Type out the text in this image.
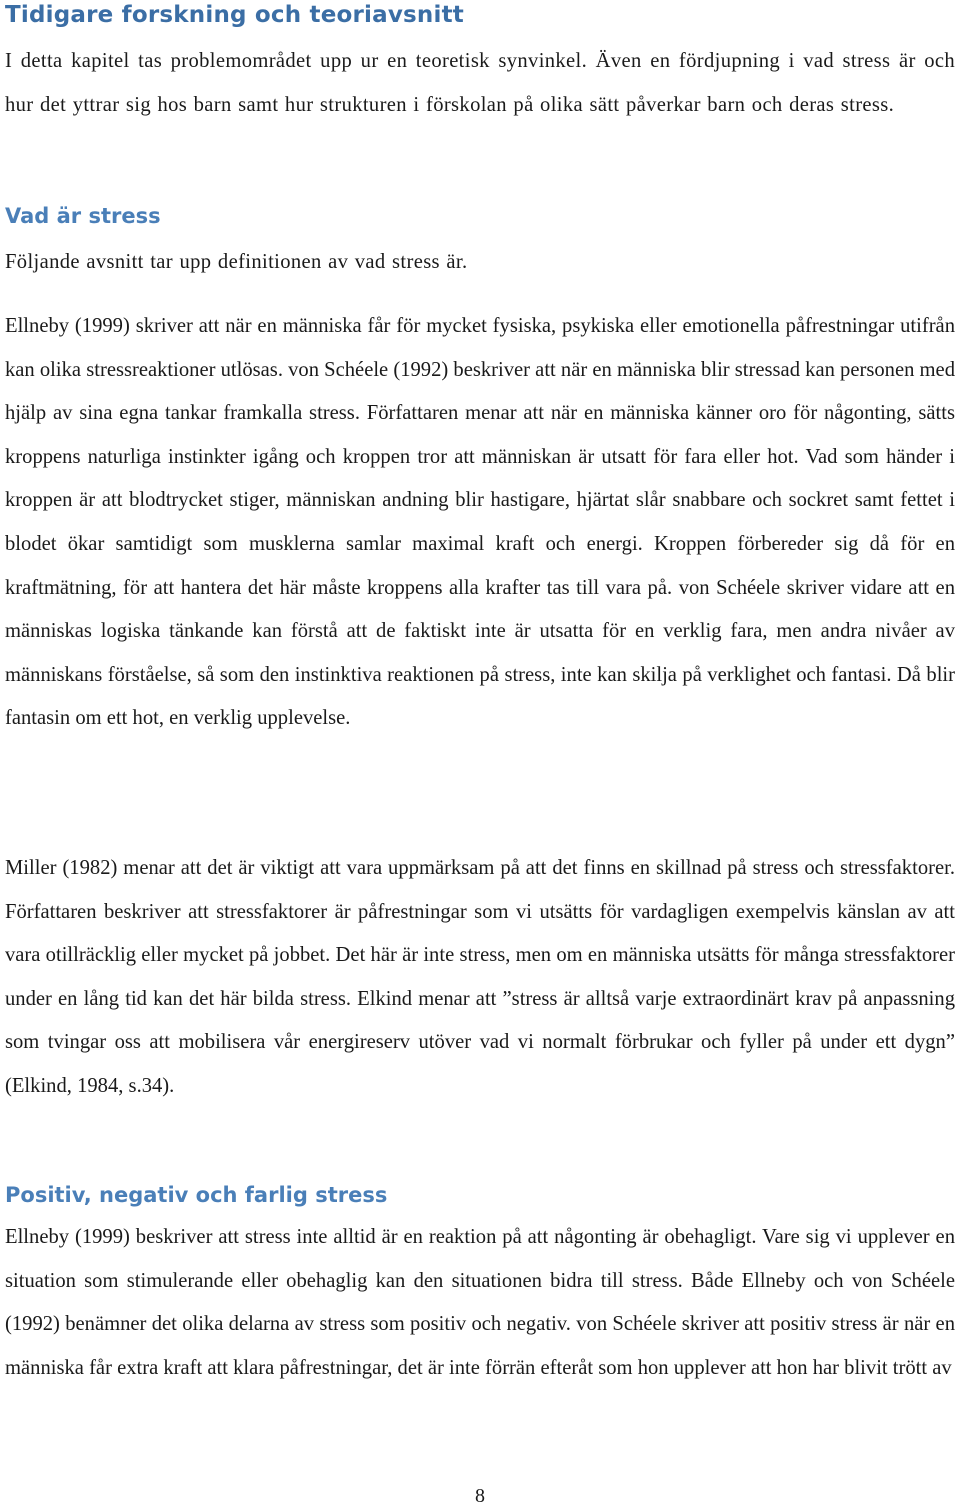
Tidigare forskning och teoriavsnitt

I detta kapitel tas problemområdet upp ur en teoretisk synvinkel. Även en fördjupning i vad stress är och hur det yttrar sig hos barn samt hur strukturen i förskolan på olika sätt påverkar barn och deras stress.

Vad är stress

Följande avsnitt tar upp definitionen av vad stress är.

Ellneby (1999) skriver att när en människa får för mycket fysiska, psykiska eller emotionella påfrestningar utifrån kan olika stressreaktioner utlösas. von Schéele (1992) beskriver att när en människa blir stressad kan personen med hjälp av sina egna tankar framkalla stress. Författaren menar att när en människa känner oro för någonting, sätts kroppens naturliga instinkter igång och kroppen tror att människan är utsatt för fara eller hot. Vad som händer i kroppen är att blodtrycket stiger, människan andning blir hastigare, hjärtat slår snabbare och sockret samt fettet i blodet ökar samtidigt som musklerna samlar maximal kraft och energi. Kroppen förbereder sig då för en kraftmätning, för att hantera det här måste kroppens alla krafter tas till vara på. von Schéele skriver vidare att en människas logiska tänkande kan förstå att de faktiskt inte är utsatta för en verklig fara, men andra nivåer av människans förståelse, så som den instinktiva reaktionen på stress, inte kan skilja på verklighet och fantasi. Då blir fantasin om ett hot, en verklig upplevelse.

Miller (1982) menar att det är viktigt att vara uppmärksam på att det finns en skillnad på stress och stressfaktorer. Författaren beskriver att stressfaktorer är påfrestningar som vi utsätts för vardagligen exempelvis känslan av att vara otillräcklig eller mycket på jobbet. Det här är inte stress, men om en människa utsätts för många stressfaktorer under en lång tid kan det här bilda stress. Elkind menar att ”stress är alltså varje extraordinärt krav på anpassning som tvingar oss att mobilisera vår energireserv utöver vad vi normalt förbrukar och fyller på under ett dygn” (Elkind, 1984, s.34).

Positiv, negativ och farlig stress

Ellneby (1999) beskriver att stress inte alltid är en reaktion på att någonting är obehagligt. Vare sig vi upplever en situation som stimulerande eller obehaglig kan den situationen bidra till stress. Både Ellneby och von Schéele (1992) benämner det olika delarna av stress som positiv och negativ. von Schéele skriver att positiv stress är när en människa får extra kraft att klara påfrestningar, det är inte förrän efteråt som hon upplever att hon har blivit trött av

8
